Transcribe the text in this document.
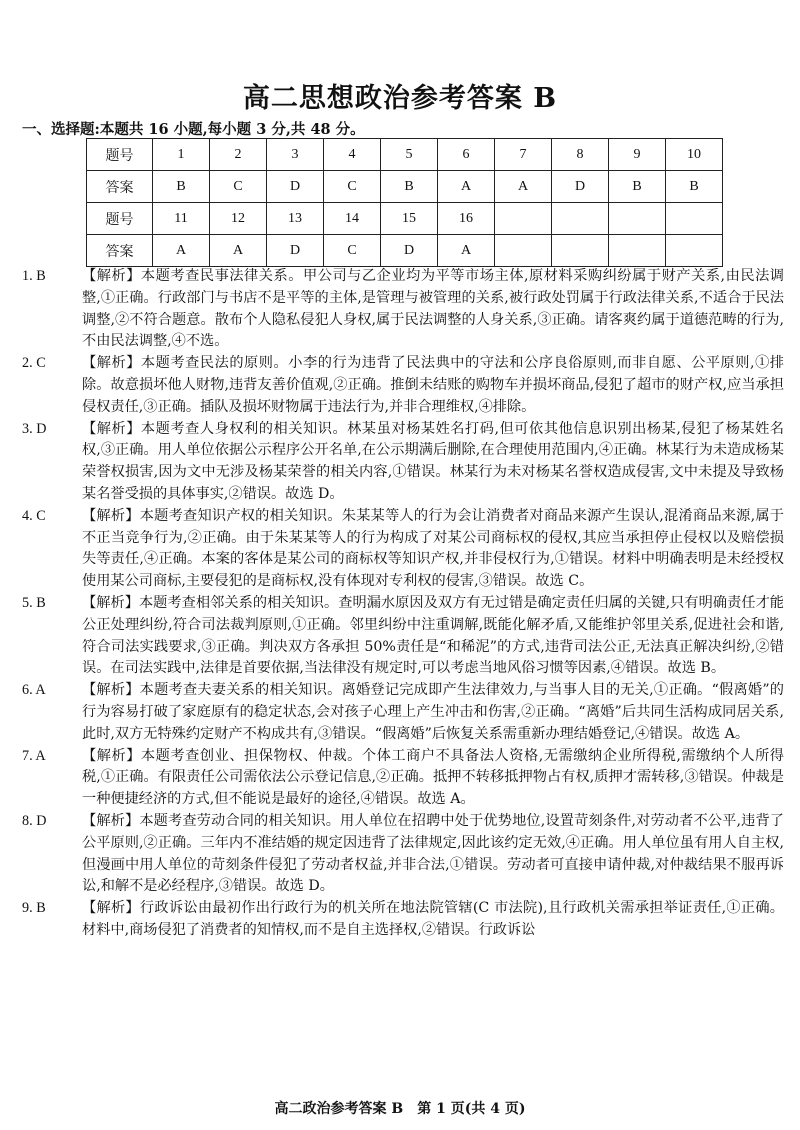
高二思想政治参考答案 B
一、选择题:本题共 16 小题,每小题 3 分,共 48 分。
题号	1	2	3	4	5	6	7	8	9	10
答案	B	C	D	C	B	A	A	D	B	B
题号	11	12	13	14	15	16				
答案	A	A	D	C	D	A				
1. B	【解析】本题考查民事法律关系。甲公司与乙企业均为平等市场主体,原材料采购纠纷属于财产关系,由民法调整,①正确。行政部门与书店不是平等的主体,是管理与被管理的关系,被行政处罚属于行政法律关系,不适合于民法调整,②不符合题意。散布个人隐私侵犯人身权,属于民法调整的人身关系,③正确。请客爽约属于道德范畴的行为,不由民法调整,④不选。
2. C	【解析】本题考查民法的原则。小李的行为违背了民法典中的守法和公序良俗原则,而非自愿、公平原则,①排除。故意损坏他人财物,违背友善价值观,②正确。推倒未结账的购物车并损坏商品,侵犯了超市的财产权,应当承担侵权责任,③正确。插队及损坏财物属于违法行为,并非合理维权,④排除。
3. D	【解析】本题考查人身权利的相关知识。林某虽对杨某姓名打码,但可依其他信息识别出杨某,侵犯了杨某姓名权,③正确。用人单位依据公示程序公开名单,在公示期满后删除,在合理使用范围内,④正确。林某行为未造成杨某荣誉权损害,因为文中无涉及杨某荣誉的相关内容,①错误。林某行为未对杨某名誉权造成侵害,文中未提及导致杨某名誉受损的具体事实,②错误。故选 D。
4. C	【解析】本题考查知识产权的相关知识。朱某某等人的行为会让消费者对商品来源产生误认,混淆商品来源,属于不正当竞争行为,②正确。由于朱某某等人的行为构成了对某公司商标权的侵权,其应当承担停止侵权以及赔偿损失等责任,④正确。本案的客体是某公司的商标权等知识产权,并非侵权行为,①错误。材料中明确表明是未经授权使用某公司商标,主要侵犯的是商标权,没有体现对专利权的侵害,③错误。故选 C。
5. B	【解析】本题考查相邻关系的相关知识。查明漏水原因及双方有无过错是确定责任归属的关键,只有明确责任才能公正处理纠纷,符合司法裁判原则,①正确。邻里纠纷中注重调解,既能化解矛盾,又能维护邻里关系,促进社会和谐,符合司法实践要求,③正确。判决双方各承担 50%责任是“和稀泥”的方式,违背司法公正,无法真正解决纠纷,②错误。在司法实践中,法律是首要依据,当法律没有规定时,可以考虑当地风俗习惯等因素,④错误。故选 B。
6. A	【解析】本题考查夫妻关系的相关知识。离婚登记完成即产生法律效力,与当事人目的无关,①正确。“假离婚”的行为容易打破了家庭原有的稳定状态,会对孩子心理上产生冲击和伤害,②正确。“离婚”后共同生活构成同居关系,此时,双方无特殊约定财产不构成共有,③错误。“假离婚”后恢复关系需重新办理结婚登记,④错误。故选 A。
7. A	【解析】本题考查创业、担保物权、仲裁。个体工商户不具备法人资格,无需缴纳企业所得税,需缴纳个人所得税,①正确。有限责任公司需依法公示登记信息,②正确。抵押不转移抵押物占有权,质押才需转移,③错误。仲裁是一种便捷经济的方式,但不能说是最好的途径,④错误。故选 A。
8. D	【解析】本题考查劳动合同的相关知识。用人单位在招聘中处于优势地位,设置苛刻条件,对劳动者不公平,违背了公平原则,②正确。三年内不准结婚的规定因违背了法律规定,因此该约定无效,④正确。用人单位虽有用人自主权,但漫画中用人单位的苛刻条件侵犯了劳动者权益,并非合法,①错误。劳动者可直接申请仲裁,对仲裁结果不服再诉讼,和解不是必经程序,③错误。故选 D。
9. B	【解析】行政诉讼由最初作出行政行为的机关所在地法院管辖(C 市法院),且行政机关需承担举证责任,①正确。材料中,商场侵犯了消费者的知情权,而不是自主选择权,②错误。行政诉讼
高二政治参考答案 B　第 1 页(共 4 页)
